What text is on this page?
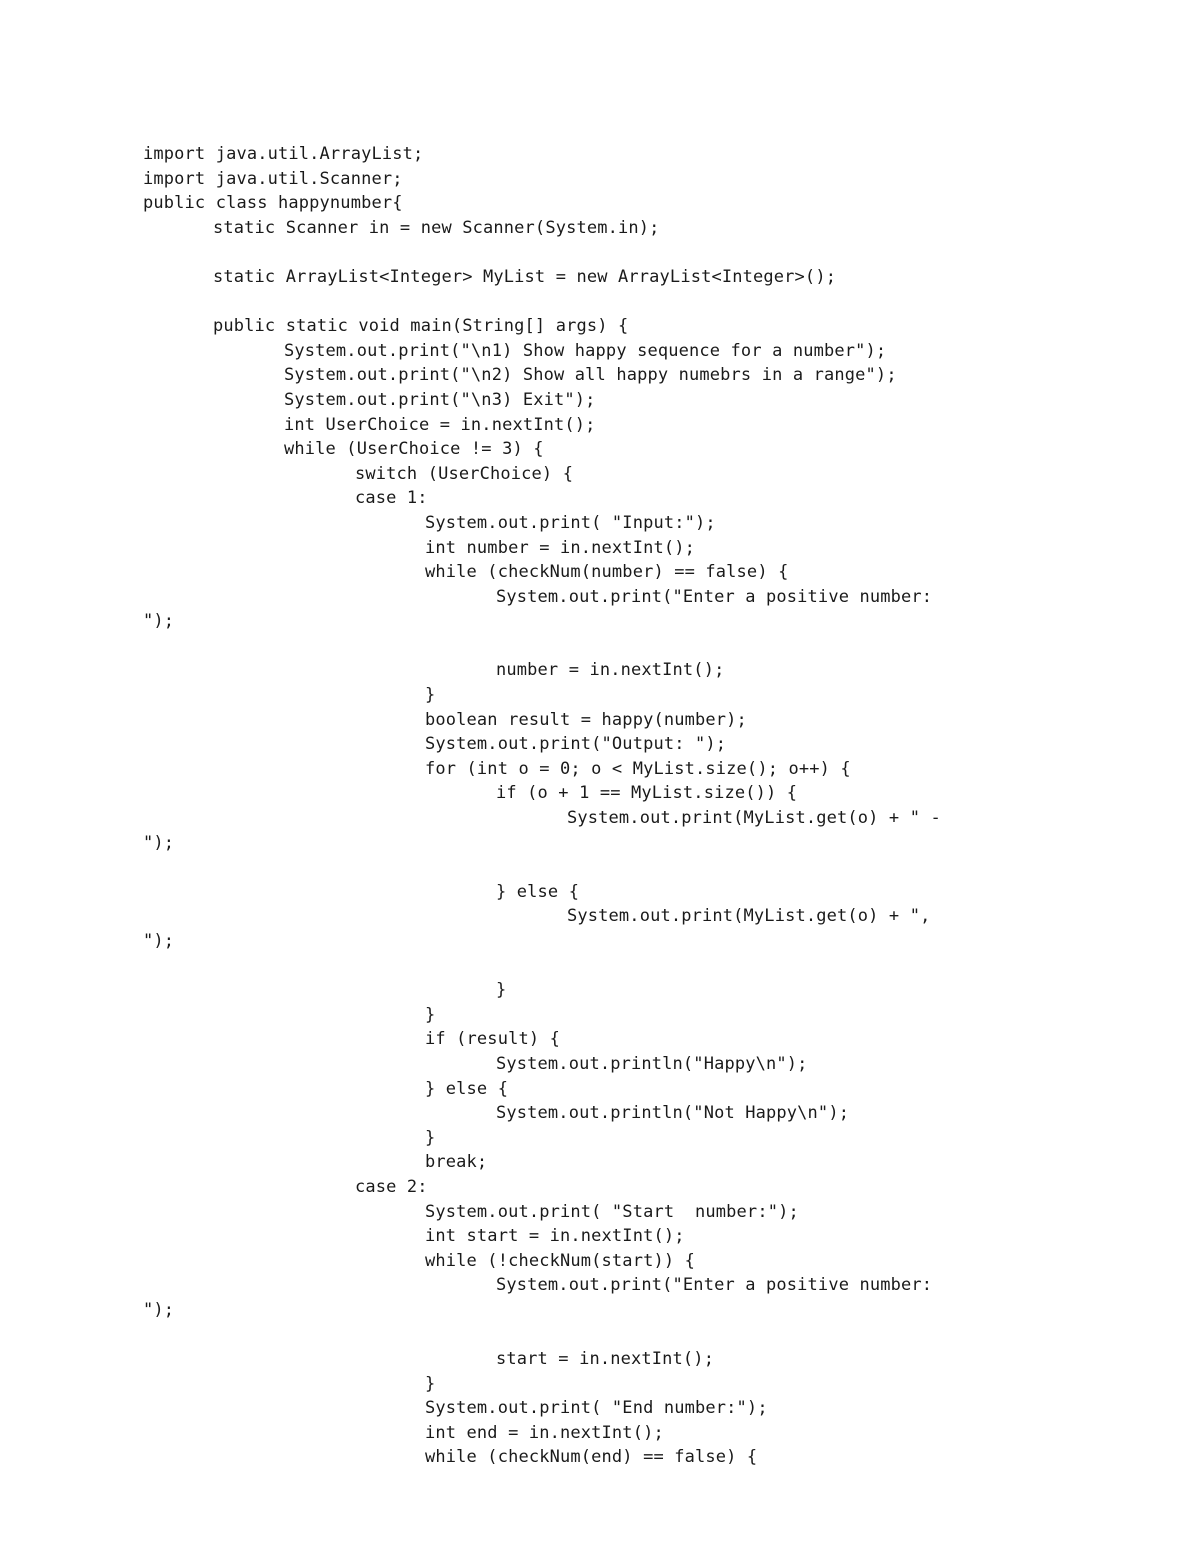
import java.util.ArrayList;
import java.util.Scanner;
public class happynumber{
static Scanner in = new Scanner(System.in);
static ArrayList<Integer> MyList = new ArrayList<Integer>();
public static void main(String[] args) {
System.out.print("\n1) Show happy sequence for a number");
System.out.print("\n2) Show all happy numebrs in a range");
System.out.print("\n3) Exit");
int UserChoice = in.nextInt();
while (UserChoice != 3) {
switch (UserChoice) {
case 1:
System.out.print( "Input:");
int number = in.nextInt();
while (checkNum(number) == false) {
System.out.print("Enter a positive number:
");
number = in.nextInt();
}
boolean result = happy(number);
System.out.print("Output: ");
for (int o = 0; o < MyList.size(); o++) {
if (o + 1 == MyList.size()) {
System.out.print(MyList.get(o) + " -
");
} else {
System.out.print(MyList.get(o) + ",
");
}
}
if (result) {
System.out.println("Happy\n");
} else {
System.out.println("Not Happy\n");
}
break;
case 2:
System.out.print( "Start  number:");
int start = in.nextInt();
while (!checkNum(start)) {
System.out.print("Enter a positive number:
");
start = in.nextInt();
}
System.out.print( "End number:");
int end = in.nextInt();
while (checkNum(end) == false) {
